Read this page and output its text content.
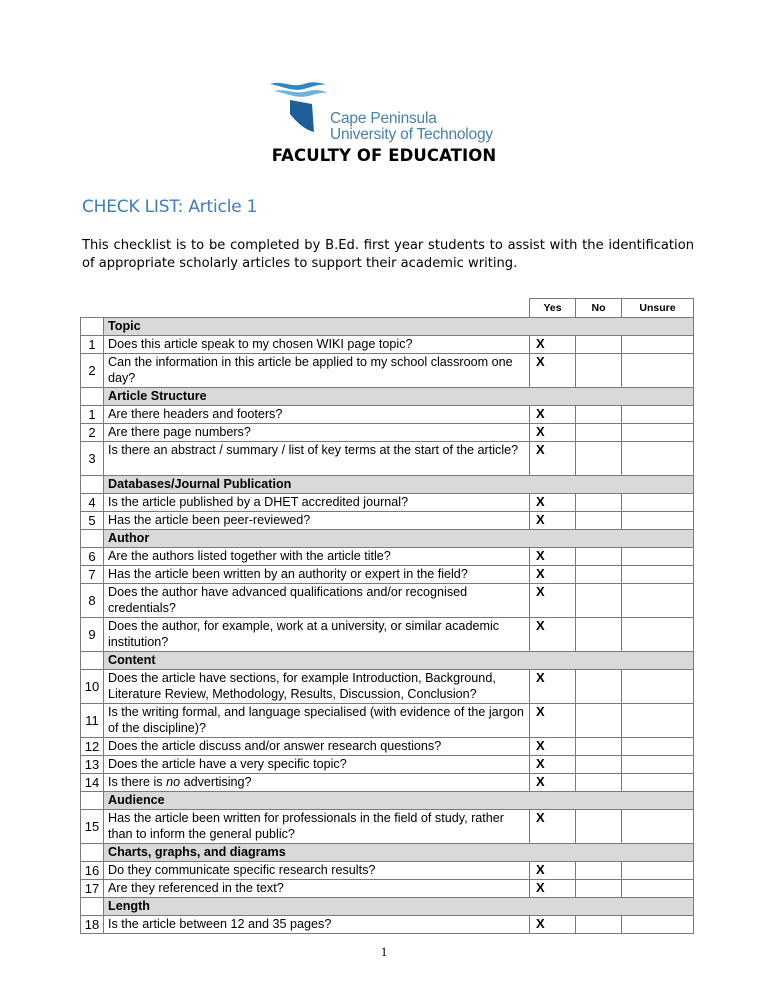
Cape Peninsula
University of Technology
FACULTY OF EDUCATION
CHECK LIST: Article 1
This checklist is to be completed by B.Ed. first year students to assist with the identification of appropriate scholarly articles to support their academic writing.
		Yes	No	Unsure
	Topic			
1	Does this article speak to my chosen WIKI page topic?	X		
2	Can the information in this article be applied to my school classroom one day?	X		
	Article Structure			
1	Are there headers and footers?	X		
2	Are there page numbers?	X		
3	Is there an abstract / summary / list of key terms at the start of the article?	X		
	Databases/Journal Publication			
4	Is the article published by a DHET accredited journal?	X		
5	Has the article been peer-reviewed?	X		
	Author			
6	Are the authors listed together with the article title?	X		
7	Has the article been written by an authority or expert in the field?	X		
8	Does the author have advanced qualifications and/or recognised credentials?	X		
9	Does the author, for example, work at a university, or similar academic institution?	X		
	Content			
10	Does the article have sections, for example Introduction, Background, Literature Review, Methodology, Results, Discussion, Conclusion?	X		
11	Is the writing formal, and language specialised (with evidence of the jargon of the discipline)?	X		
12	Does the article discuss and/or answer research questions?	X		
13	Does the article have a very specific topic?	X		
14	Is there is no advertising?	X		
	Audience			
15	Has the article been written for professionals in the field of study, rather than to inform the general public?	X		
	Charts, graphs, and diagrams			
16	Do they communicate specific research results?	X		
17	Are they referenced in the text?	X		
	Length			
18	Is the article between 12 and 35 pages?	X		
1
